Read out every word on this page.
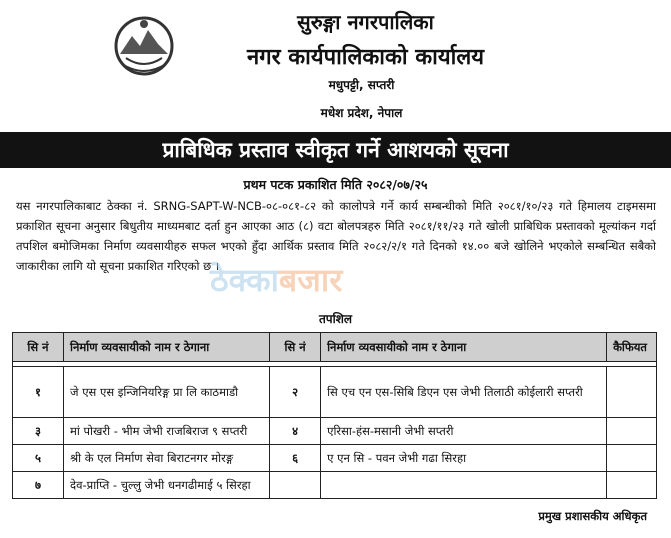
सुरुङ्गा नगरपालिका
नगर कार्यपालिकाको कार्यालय
मधुपट्टी, सप्तरी
मधेश प्रदेश, नेपाल
प्राबिधिक प्रस्ताव स्वीकृत गर्ने आशयको सूचना
प्रथम पटक प्रकाशित मिति २०८२/०७/२५
यस नगरपालिकाबाट ठेक्का नं. SRNG-SAPT-W-NCB-०८-०८१-८२ को कालोपत्रे गर्ने कार्य सम्बन्धीको मिति २०८१/१०/२३ गते हिमालय टाइमसमा प्रकाशित सूचना अनुसार बिधुतीय माध्यमबाट दर्ता हुन आएका आठ (८) वटा बोलपत्रहरु मिति २०८१/११/२३ गते खोली प्राबिधिक प्रस्तावको मूल्यांकन गर्दा तपशिल बमोजिमका निर्माण व्यवसायीहरु सफल भएको हुँदा आर्थिक प्रस्ताव मिति २०८२/२/१ गते दिनको १४.०० बजे खोलिने भएकोले सम्बन्धित सबैको जाकारीका लागि यो सूचना प्रकाशित गरिएको छ ।
ठेक्काबजार
तपशिल
सि नं	निर्माण व्यवसायीको नाम र ठेगाना	सि नं	निर्माण व्यवसायीको नाम र ठेगाना	कैफियत

१	जे एस एस इन्जिनियरिङ्ग प्रा लि काठमाडौ	२	सि एच एन एस-सिबि डिएन एस जेभी तिलाठी कोईलारी सप्तरी	
३	मां पोखरी - भीम जेभी राजबिराज ९ सप्तरी	४	एरिसा-हंस-मसानी जेभी सप्तरी	
५	श्री के एल निर्माण सेवा बिराटनगर मोरङ्ग	६	ए एन सि - पवन जेभी गढा सिरहा	
७	देव-प्राप्ति - चुल्लु जेभी धनगढीमाई ५ सिरहा			
प्रमुख प्रशासकीय अधिकृत
